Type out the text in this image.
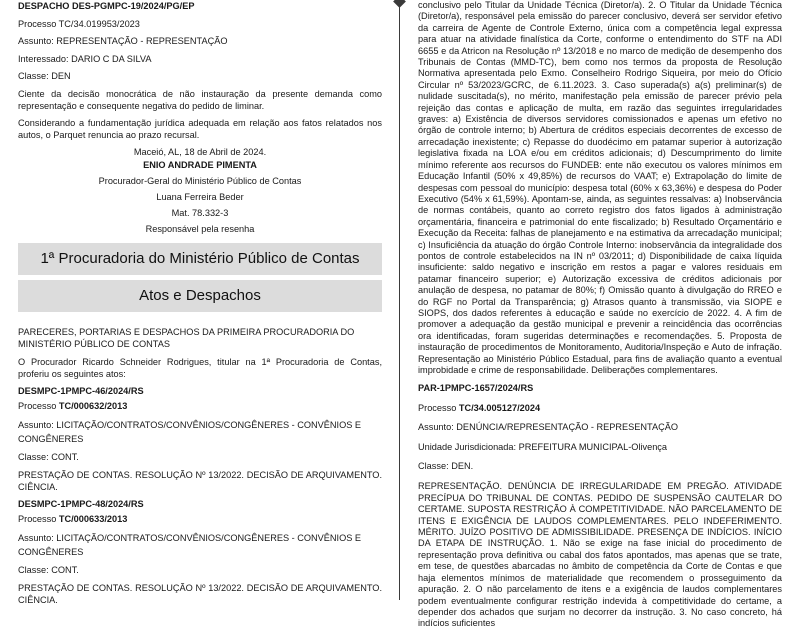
DESPACHO DES-PGMPC-19/2024/PG/EP

Processo TC/34.019953/2023

Assunto: REPRESENTAÇÃO - REPRESENTAÇÃO

Interessado: DARIO C DA SILVA

Classe: DEN

Ciente da decisão monocrática de não instauração da presente demanda como representação e consequente negativa do pedido de liminar.

Considerando a fundamentação jurídica adequada em relação aos fatos relatados nos autos, o Parquet renuncia ao prazo recursal.

Maceió, AL, 18 de Abril de 2024.

ENIO ANDRADE PIMENTA

Procurador-Geral do Ministério Público de Contas

Luana Ferreira Beder

Mat. 78.332-3

Responsável pela resenha

1ª Procuradoria do Ministério Público de Contas
Atos e Despachos

PARECERES, PORTARIAS E DESPACHOS DA PRIMEIRA PROCURADORIA DO MINISTÉRIO PÚBLICO DE CONTAS

O Procurador Ricardo Schneider Rodrigues, titular na 1ª Procuradoria de Contas, proferiu os seguintes atos:

DESMPC-1PMPC-46/2024/RS

Processo TC/000632/2013

Assunto: LICITAÇÃO/CONTRATOS/CONVÊNIOS/CONGÊNERES - CONVÊNIOS E CONGÊNERES

Classe: CONT.

PRESTAÇÃO DE CONTAS. RESOLUÇÃO Nº 13/2022. DECISÃO DE ARQUIVAMENTO. CIÊNCIA.

DESMPC-1PMPC-48/2024/RS

Processo TC/000633/2013

Assunto: LICITAÇÃO/CONTRATOS/CONVÊNIOS/CONGÊNERES - CONVÊNIOS E CONGÊNERES

Classe: CONT.

PRESTAÇÃO DE CONTAS. RESOLUÇÃO Nº 13/2022. DECISÃO DE ARQUIVAMENTO. CIÊNCIA.

conclusivo pelo Titular da Unidade Técnica (Diretor/a). 2. O Titular da Unidade Técnica (Diretor/a), responsável pela emissão do parecer conclusivo, deverá ser servidor efetivo da carreira de Agente de Controle Externo, única com a competência legal expressa para atuar na atividade finalística da Corte, conforme o entendimento do STF na ADI 6655 e da Atricon na Resolução nº 13/2018 e no marco de medição de desempenho dos Tribunais de Contas (MMD-TC), bem como nos termos da proposta de Resolução Normativa apresentada pelo Exmo. Conselheiro Rodrigo Siqueira, por meio do Ofício Circular nº 53/2023/GCRC, de 6.11.2023. 3. Caso superada(s) a(s) preliminar(s) de nulidade suscitada(s), no mérito, manifestação pela emissão de parecer prévio pela rejeição das contas e aplicação de multa, em razão das seguintes irregularidades graves: a) Existência de diversos servidores comissionados e apenas um efetivo no órgão de controle interno; b) Abertura de créditos especiais decorrentes de excesso de arrecadação inexistente; c) Repasse do duodécimo em patamar superior à autorização legislativa fixada na LOA e/ou em créditos adicionais; d) Descumprimento do limite mínimo referente aos recursos do FUNDEB: ente não executou os valores mínimos em Educação Infantil (50% x 49,85%) de recursos do VAAT; e) Extrapolação do limite de despesas com pessoal do município: despesa total (60% x 63,36%) e despesa do Poder Executivo (54% x 61,59%). Apontam-se, ainda, as seguintes ressalvas: a) Inobservância de normas contábeis, quanto ao correto registro dos fatos ligados à administração orçamentária, financeira e patrimonial do ente fiscalizado; b) Resultado Orçamentário e Execução da Receita: falhas de planejamento e na estimativa da arrecadação municipal; c) Insuficiência da atuação do órgão Controle Interno: inobservância da integralidade dos pontos de controle estabelecidos na IN nº 03/2011; d) Disponibilidade de caixa líquida insuficiente: saldo negativo e inscrição em restos a pagar e valores residuais em patamar financeiro superior; e) Autorização excessiva de créditos adicionais por anulação de despesa, no patamar de 80%; f) Omissão quanto à divulgação do RREO e do RGF no Portal da Transparência; g) Atrasos quanto à transmissão, via SIOPE e SIOPS, dos dados referentes à educação e saúde no exercício de 2022. 4. A fim de promover a adequação da gestão municipal e prevenir a reincidência das ocorrências ora identificadas, foram sugeridas determinações e recomendações. 5. Proposta de instauração de procedimentos de Monitoramento, Auditoria/Inspeção e Auto de infração. Representação ao Ministério Público Estadual, para fins de avaliação quanto a eventual improbidade e crime de responsabilidade. Deliberações complementares.

PAR-1PMPC-1657/2024/RS

Processo TC/34.005127/2024

Assunto: DENÚNCIA/REPRESENTAÇÃO - REPRESENTAÇÃO

Unidade Jurisdicionada: PREFEITURA MUNICIPAL-Olivença

Classe: DEN.

REPRESENTAÇÃO. DENÚNCIA DE IRREGULARIDADE EM PREGÃO. ATIVIDADE PRECÍPUA DO TRIBUNAL DE CONTAS. PEDIDO DE SUSPENSÃO CAUTELAR DO CERTAME. SUPOSTA RESTRIÇÃO À COMPETITIVIDADE. NÃO PARCELAMENTO DE ITENS E EXIGÊNCIA DE LAUDOS COMPLEMENTARES. PELO INDEFERIMENTO. MÉRITO. JUÍZO POSITIVO DE ADMISSIBILIDADE. PRESENÇA DE INDÍCIOS. INÍCIO DA ETAPA DE INSTRUÇÃO. 1. Não se exige na fase inicial do procedimento de representação prova definitiva ou cabal dos fatos apontados, mas apenas que se trate, em tese, de questões abarcadas no âmbito de competência da Corte de Contas e que haja elementos mínimos de materialidade que recomendem o prosseguimento da apuração. 2. O não parcelamento de itens e a exigência de laudos complementares podem eventualmente configurar restrição indevida à competitividade do certame, a depender dos achados que surjam no decorrer da instrução. 3. No caso concreto, há indícios suficientes
